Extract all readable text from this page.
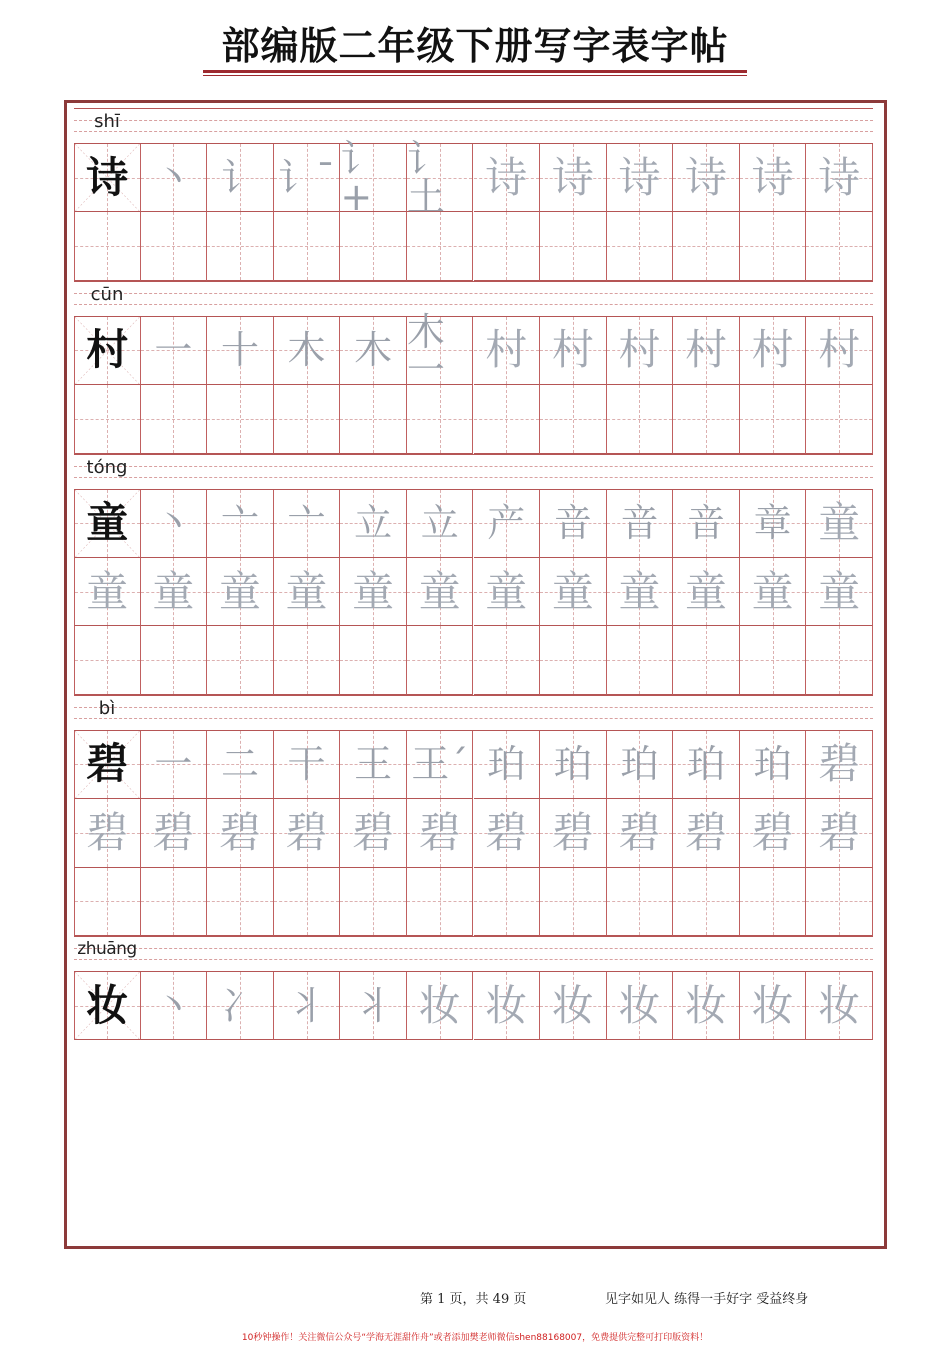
部编版二年级下册写字表字帖
shī
诗 丶 讠 讠ˉ 讠+
讠土 诗 诗 诗 诗 诗 诗
cūn
村 一 十 木 木 木一 村 村 村 村 村 村
tóng
童 丶 亠 亠 立 立 产 音 音 音 章 童
童 童 童 童 童 童 童 童 童 童 童 童
bì
碧 一 二 干 王 王ˊ 珀 珀 珀 珀 珀 碧
碧 碧 碧 碧 碧 碧 碧 碧 碧 碧 碧 碧
zhuāng
妆 丶 冫 丬 丬 妆 妆 妆 妆 妆 妆 妆
第 1 页，共 49 页	见字如见人 练得一手好字 受益终身
10秒钟操作！关注微信公众号“学海无涯甜作舟”或者添加樊老师微信shen88168007，免费提供完整可打印版资料！
